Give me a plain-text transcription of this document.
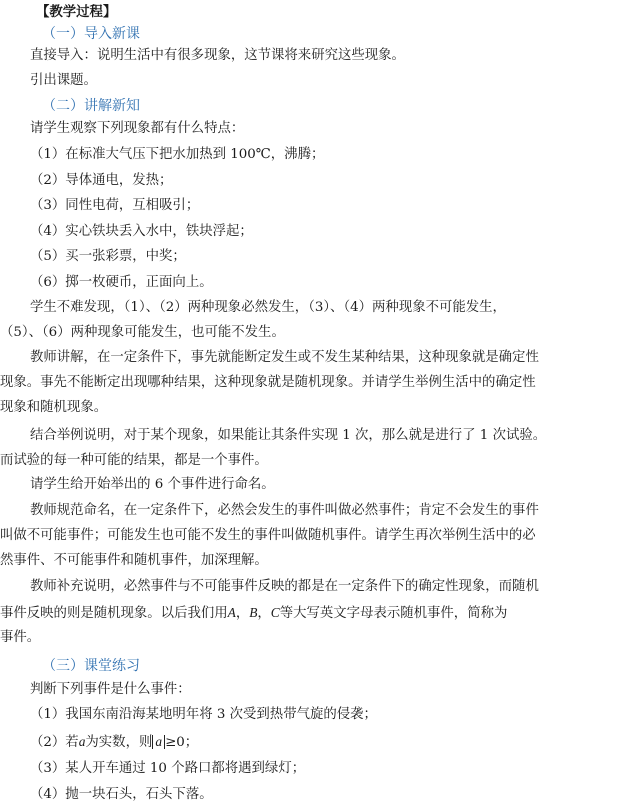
【教学过程】
（一）导入新课
直接导入：说明生活中有很多现象，这节课将来研究这些现象。
引出课题。
（二）讲解新知
请学生观察下列现象都有什么特点：
（1）在标准大气压下把水加热到 100℃，沸腾；
（2）导体通电，发热；
（3）同性电荷，互相吸引；
（4）实心铁块丢入水中，铁块浮起；
（5）买一张彩票，中奖；
（6）掷一枚硬币，正面向上。
学生不难发现，（1）、（2）两种现象必然发生，（3）、（4）两种现象不可能发生，
（5）、（6）两种现象可能发生，也可能不发生。
教师讲解，在一定条件下，事先就能断定发生或不发生某种结果，这种现象就是确定性
现象。事先不能断定出现哪种结果，这种现象就是随机现象。并请学生举例生活中的确定性
现象和随机现象。
结合举例说明，对于某个现象，如果能让其条件实现 1 次，那么就是进行了 1 次试验。
而试验的每一种可能的结果，都是一个事件。
请学生给开始举出的 6 个事件进行命名。
教师规范命名，在一定条件下，必然会发生的事件叫做必然事件；肯定不会发生的事件
叫做不可能事件；可能发生也可能不发生的事件叫做随机事件。请学生再次举例生活中的必
然事件、不可能事件和随机事件，加深理解。
教师补充说明，必然事件与不可能事件反映的都是在一定条件下的确定性现象，而随机
事件反映的则是随机现象。以后我们用A，B，C等大写英文字母表示随机事件，简称为
事件。
（三）课堂练习
判断下列事件是什么事件：
（1）我国东南沿海某地明年将 3 次受到热带气旋的侵袭；
（2）若a为实数，则 a ≥0；
（3）某人开车通过 10 个路口都将遇到绿灯；
（4）抛一块石头，石头下落。
